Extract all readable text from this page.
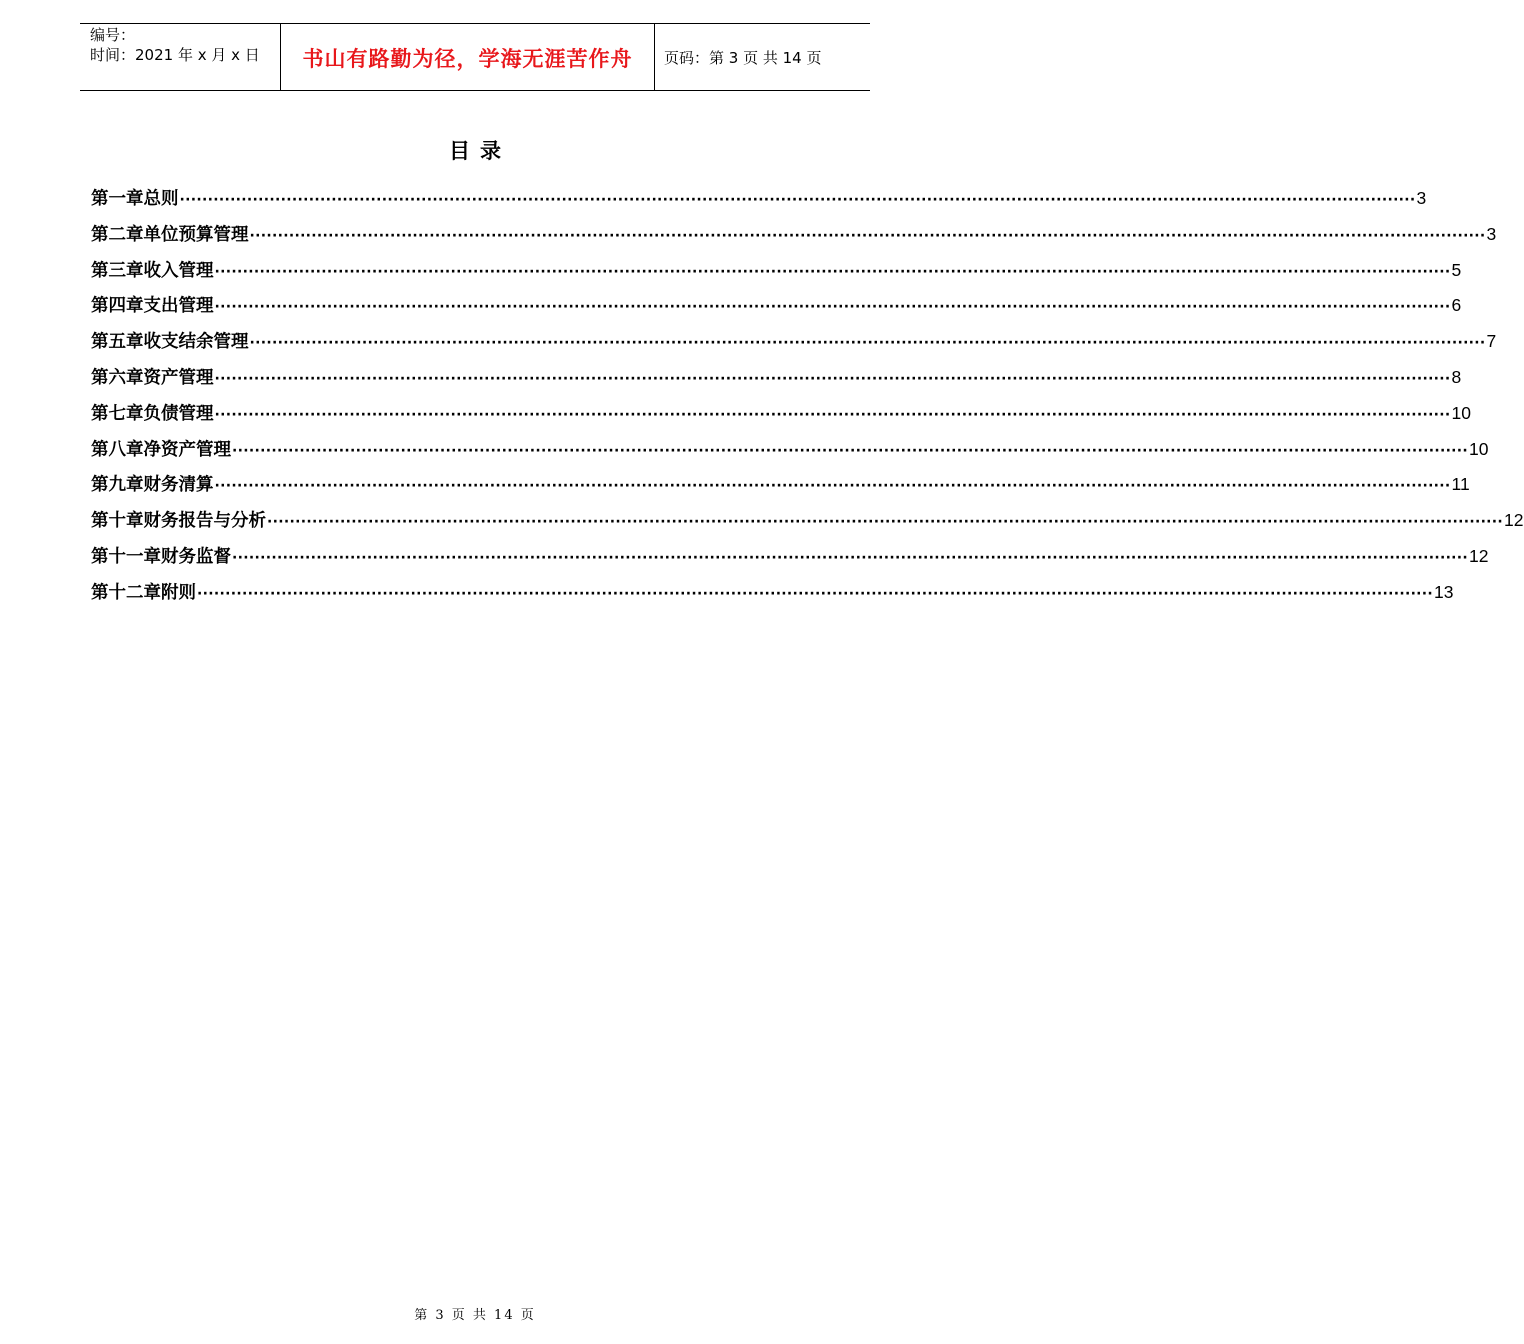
编号：
时间：2021 年 x 月 x 日	书山有路勤为径，学海无涯苦作舟	页码：第 3 页 共 14 页
目录
第一章 总则 ···························································································································································································································· 3
第二章 单位预算管理 ···························································································································································································································· 3
第三章 收入管理 ···························································································································································································································· 5
第四章 支出管理 ···························································································································································································································· 6
第五章 收支结余管理 ···························································································································································································································· 7
第六章 资产管理 ···························································································································································································································· 8
第七章 负债管理 ···························································································································································································································· 10
第八章 净资产管理 ···························································································································································································································· 10
第九章 财务清算 ···························································································································································································································· 11
第十章 财务报告与分析 ···························································································································································································································· 12
第十一章 财务监督 ···························································································································································································································· 12
第十二章 附则 ···························································································································································································································· 13
第 3 页 共 14 页
